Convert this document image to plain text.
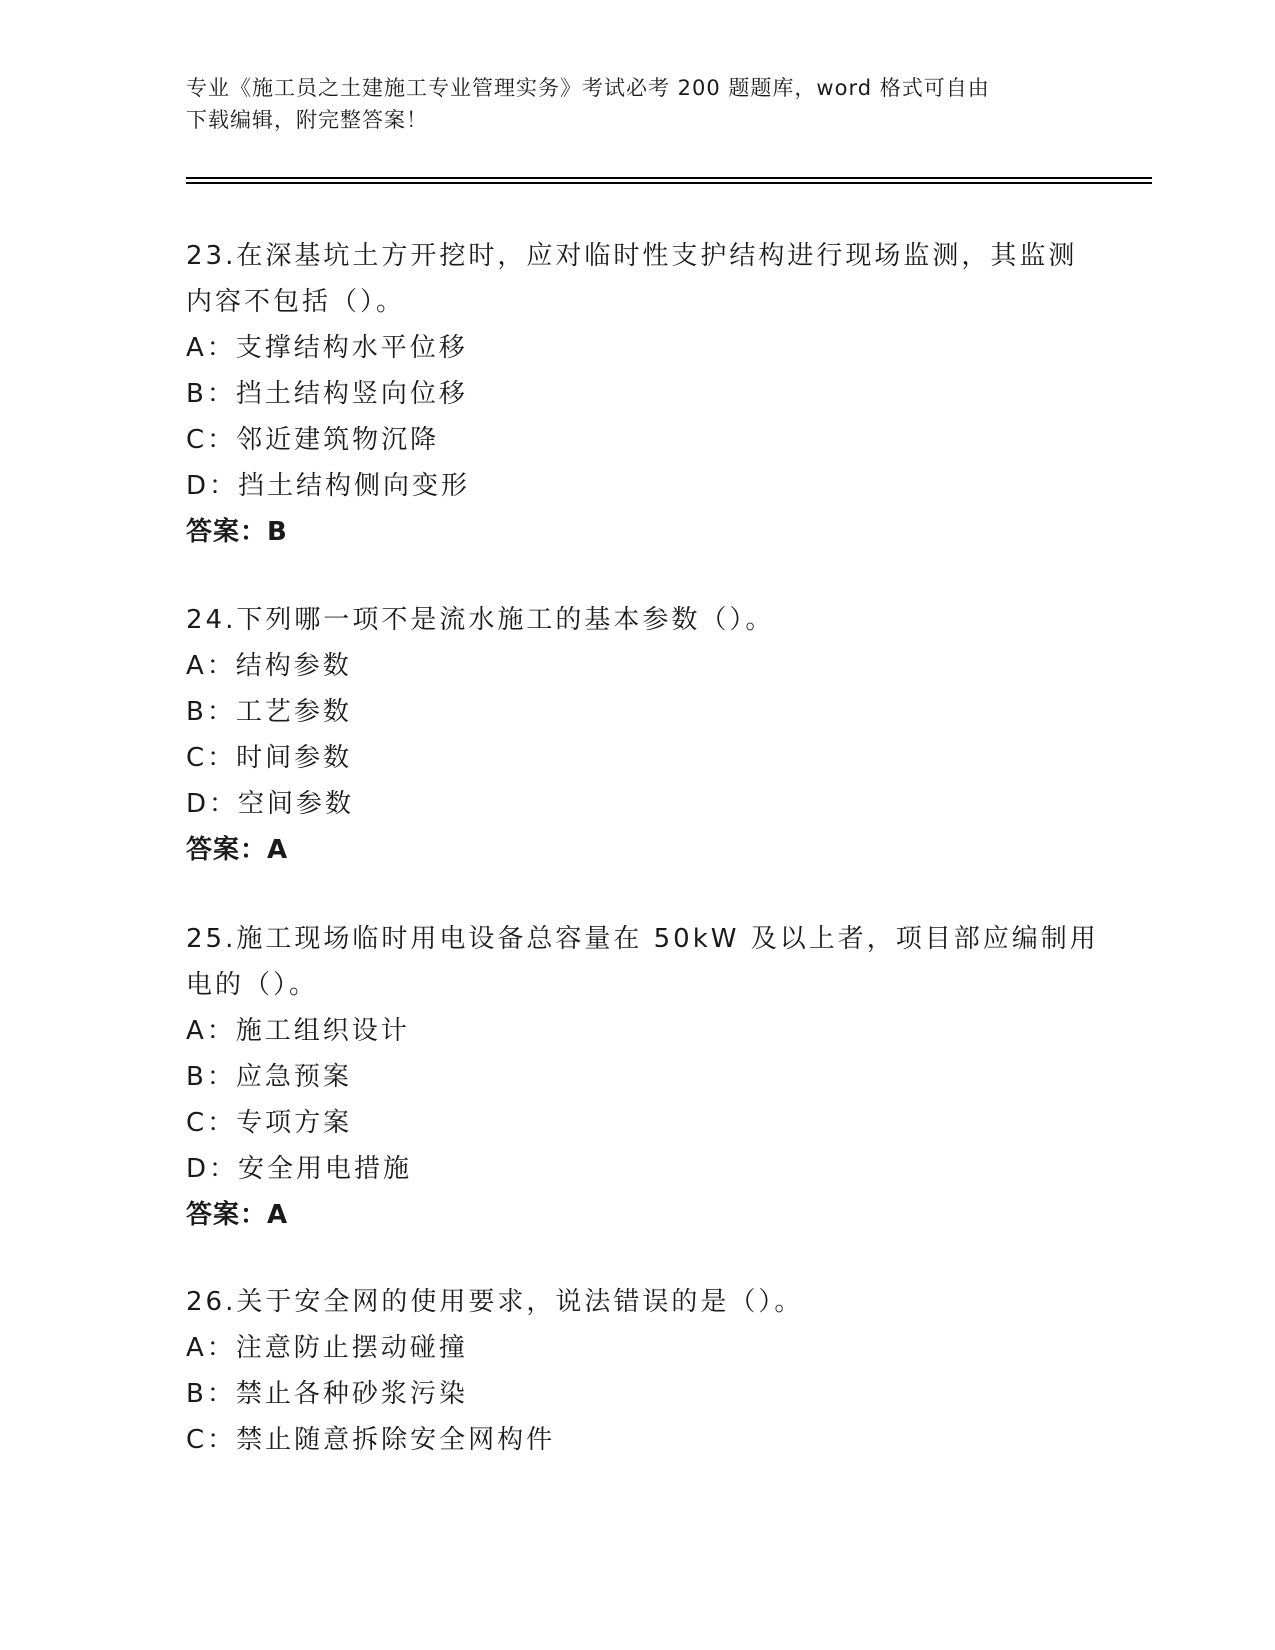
专业《施工员之土建施工专业管理实务》考试必考 200 题题库，word 格式可自由
下载编辑，附完整答案！
23.在深基坑土方开挖时，应对临时性支护结构进行现场监测，其监测
内容不包括（）。
A：支撑结构水平位移
B：挡土结构竖向位移
C：邻近建筑物沉降
D：挡土结构侧向变形
答案：B
24.下列哪一项不是流水施工的基本参数（）。
A：结构参数
B：工艺参数
C：时间参数
D：空间参数
答案：A
25.施工现场临时用电设备总容量在 50kW 及以上者，项目部应编制用
电的（）。
A：施工组织设计
B：应急预案
C：专项方案
D：安全用电措施
答案：A
26.关于安全网的使用要求，说法错误的是（）。
A：注意防止摆动碰撞
B：禁止各种砂浆污染
C：禁止随意拆除安全网构件
